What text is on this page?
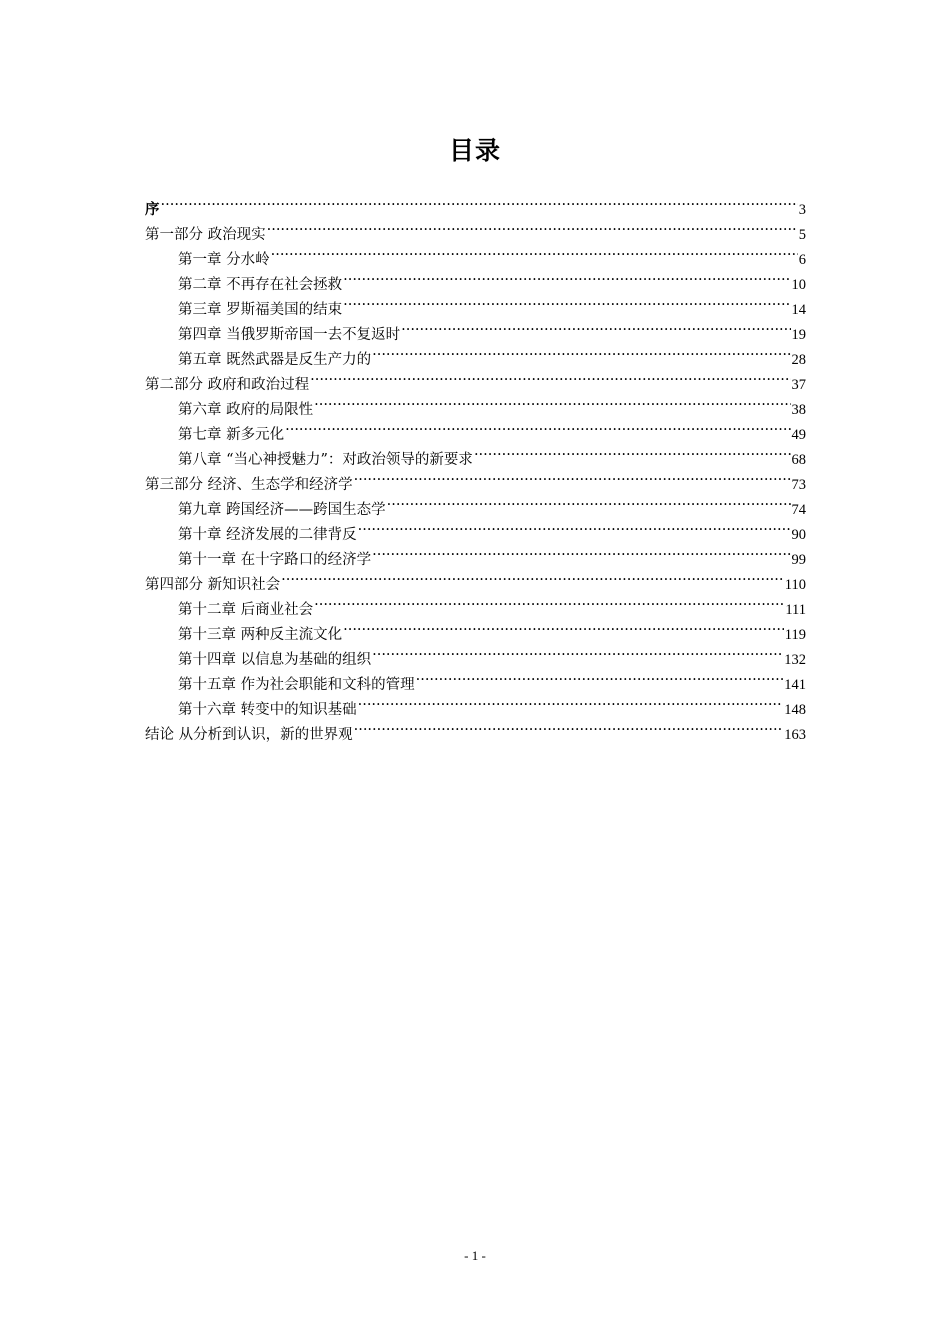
目录
序 .....	3
第一部分 政治现实 .....	5
第一章 分水岭 .....	6
第二章 不再存在社会拯救 .....	10
第三章 罗斯福美国的结束 .....	14
第四章 当俄罗斯帝国一去不复返时 .....	19
第五章 既然武器是反生产力的 .....	28
第二部分 政府和政治过程 .....	37
第六章 政府的局限性 .....	38
第七章 新多元化 .....	49
第八章 “当心神授魅力”：对政治领导的新要求 .....	68
第三部分 经济、生态学和经济学 .....	73
第九章 跨国经济——跨国生态学 .....	74
第十章 经济发展的二律背反 .....	90
第十一章 在十字路口的经济学 .....	99
第四部分 新知识社会 .....	110
第十二章 后商业社会 .....	111
第十三章 两种反主流文化 .....	119
第十四章 以信息为基础的组织 .....	132
第十五章 作为社会职能和文科的管理 .....	141
第十六章 转变中的知识基础 .....	148
结论 从分析到认识，新的世界观 .....	163
- 1 -
